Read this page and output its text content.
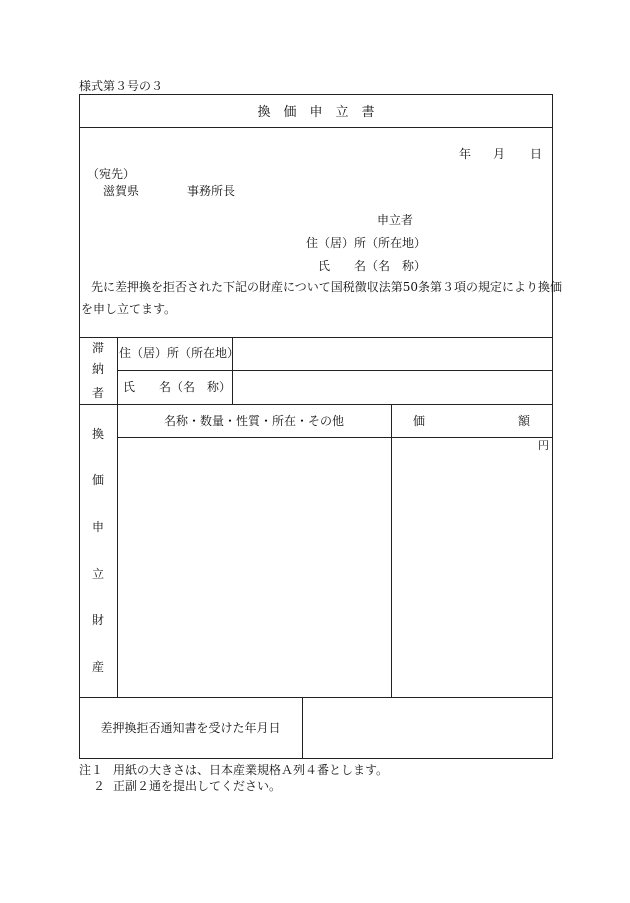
様式第３号の３
換　価　申　立　書
年 月 日
（宛先）
滋賀県　　　　事務所長
申立者
住（居）所（所在地）
氏　　名（名　称）
先に差押換を拒否された下記の財産について国税徴収法第50条第３項の規定により換価
を申し立てます。
滞
納
者
住（居）所（所在地）
氏　　名（名　称）
名称・数量・性質・所在・その他	価	額
円
換
価
申
立
財
産
差押換拒否通知書を受けた年月日
注１ 用紙の大きさは、日本産業規格Ａ列４番とします。
２ 正副２通を提出してください。
